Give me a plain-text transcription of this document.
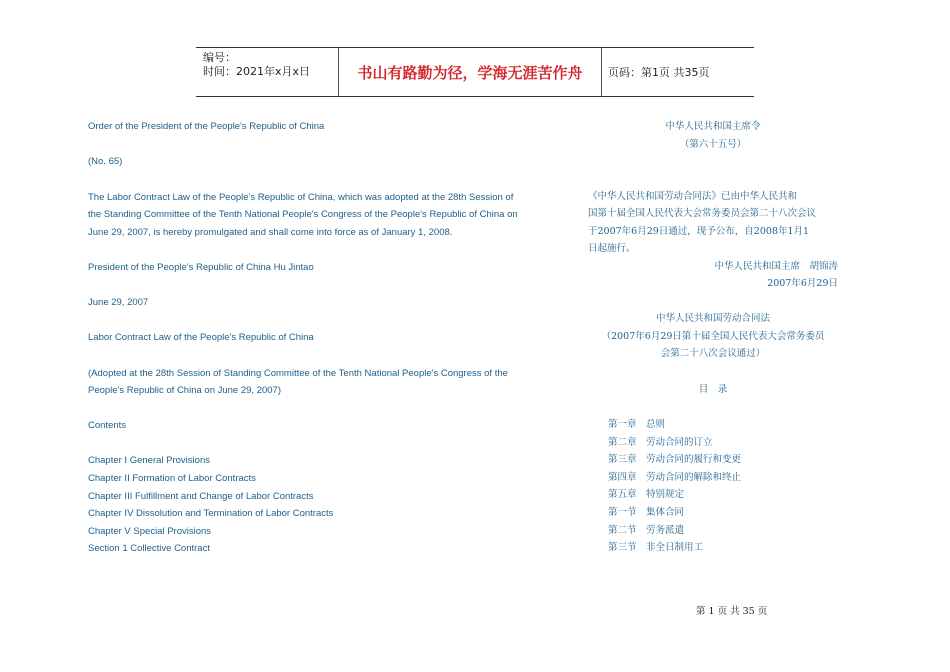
编号：
时间：2021年x月x日	书山有路勤为径，学海无涯苦作舟	页码：第1页 共35页
Order of the President of the People's Republic of China
(No. 65)
The Labor Contract Law of the People's Republic of China, which was adopted at the 28th Session of
the Standing Committee of the Tenth National People's Congress of the People's Republic of China on
June 29, 2007, is hereby promulgated and shall come into force as of January 1, 2008.
President of the People's Republic of China Hu Jintao
June 29, 2007
Labor Contract Law of the People's Republic of China
(Adopted at the 28th Session of Standing Committee of the Tenth National People's Congress of the
People's Republic of China on June 29, 2007)
Contents
Chapter I General Provisions
Chapter II Formation of Labor Contracts
Chapter III Fulfillment and Change of Labor Contracts
Chapter IV Dissolution and Termination of Labor Contracts
Chapter V Special Provisions
Section 1 Collective Contract
中华人民共和国主席令
（第六十五号）
《中华人民共和国劳动合同法》已由中华人民共和
国第十届全国人民代表大会常务委员会第二十八次会议
于2007年6月29日通过，现予公布，自2008年1月1
日起施行。
中华人民共和国主席　胡锦涛
2007年6月29日
中华人民共和国劳动合同法
（2007年6月29日第十届全国人民代表大会常务委员
会第二十八次会议通过）
目　录
第一章　总则
第二章　劳动合同的订立
第三章　劳动合同的履行和变更
第四章　劳动合同的解除和终止
第五章　特别规定
第一节　集体合同
第二节　劳务派遣
第三节　非全日制用工
第 1 页 共 35 页
